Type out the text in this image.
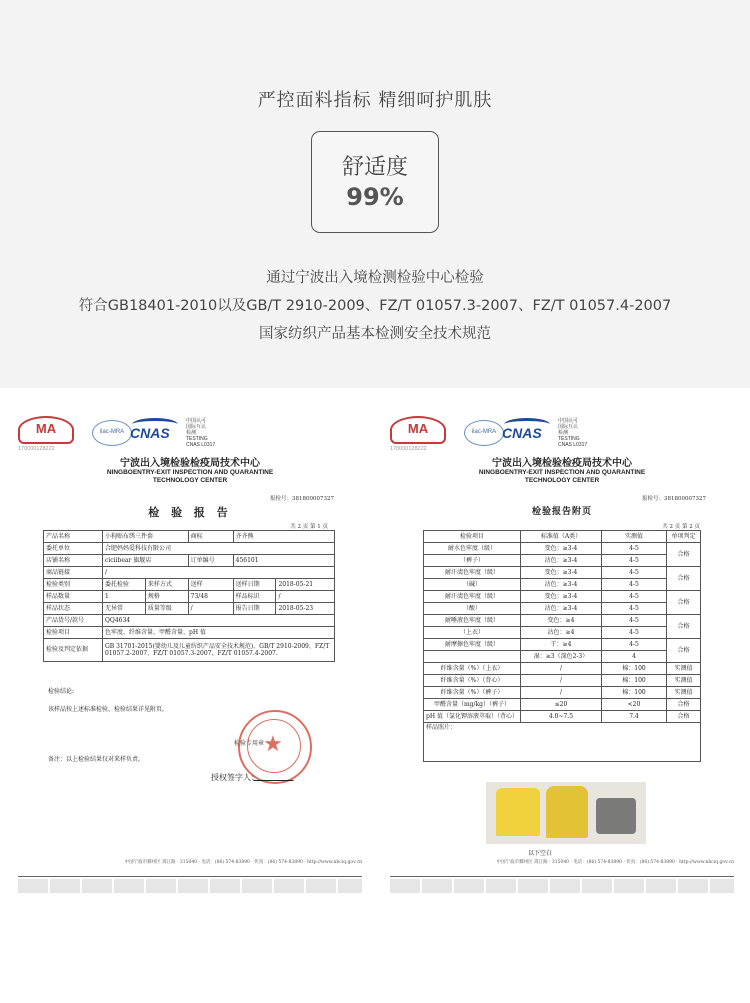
严控面料指标 精细呵护肌肤
舒适度
99%
通过宁波出入境检测检验中心检验
符合GB18401-2010以及GB/T 2910-2009、FZ/T 01057.3-2007、FZ/T 01057.4-2007
国家纺织产品基本检测安全技术规范
MA
170000128222
ilac-MRA CNAS
中国认可
国际互认
检测
TESTING
CNAS L0317
宁波出入境检验检疫局技术中心
NINGBOENTRY-EXIT INSPECTION AND QUARANTINE
TECHNOLOGY CENTER
报检号：381800007327
检 验 报 告
共 2 页 第 1 页
产品名称	小狗贴布绣三件套		商标	齐齐熊	
委托单位	合肥妈妈爱科技有限公司				
店铺名称	ciciibear 旗舰店		订单编号	456101	
商品链接	/				
检验类别	委托检验	来样方式	送样	送样日期	2018-05-21
样品数量	1	规格	73/48	样品标识	/
样品状态	无异常	质量等级	/	报告日期	2018-05-23
产品货号/款号	QQ4634				
检验项目	色牢度、纤维含量、甲醛含量、pH 值				
检验及判定依据	GB 31701-2015(婴幼儿及儿童纺织产品安全技术规范)、GB/T 2910-2009、FZ/T 01057.2-2007、FZ/T 01057.3-2007、FZ/T 01057.4-2007.				
检验结论:
该样品按上述标准检验，检验结果详见附页。
检验专用章
★
备注：以上检验结果仅对来样负责。
授权签字人：
中国宁波市鄞州区 嵩江路 · 315040 · 电话：(86) 574-83890 · 传真：(86) 574-83890 · http://www.nbciq.gov.cn
MA
170000128222
ilac-MRA CNAS
中国认可
国际互认
检测
TESTING
CNAS L0317
宁波出入境检验检疫局技术中心
NINGBOENTRY-EXIT INSPECTION AND QUARANTINE
TECHNOLOGY CENTER
报检号：381800007327
检验报告附页
共 2 页 第 2 页
检验项目	标准值（A类）	实测值	单项判定
耐水色牢度（级）	变色：≥3-4	4-5	合格
（裤子）	沾色：≥3-4	4-5	
耐汗渍色牢度（级）	变色：≥3-4	4-5	合格
（碱）	沾色：≥3-4	4-5	
耐汗渍色牢度（级）	变色：≥3-4	4-5	合格
（酸）	沾色：≥3-4	4-5	
耐唾液色牢度（级）	变色：≥4	4-5	合格
（上衣）	沾色：≥4	4-5	
耐摩擦色牢度（级）	干：≥4	4-5	合格
	湿：≥3（深色2-3）	4	
纤维含量（%）（上衣）	/	棉：100	实测值
纤维含量（%）（背心）	/	棉：100	实测值
纤维含量（%）（裤子）	/	棉：100	实测值
甲醛含量（mg/kg）（裤子）	≤20	<20	合格
pH 值（氯化钾溶液萃取）（背心）	4.0~7.5	7.4	合格
样品照片：			
以下空白
中国宁波市鄞州区 嵩江路 · 315040 · 电话：(86) 574-83890 · 传真：(86) 574-83890 · http://www.nbciq.gov.cn
